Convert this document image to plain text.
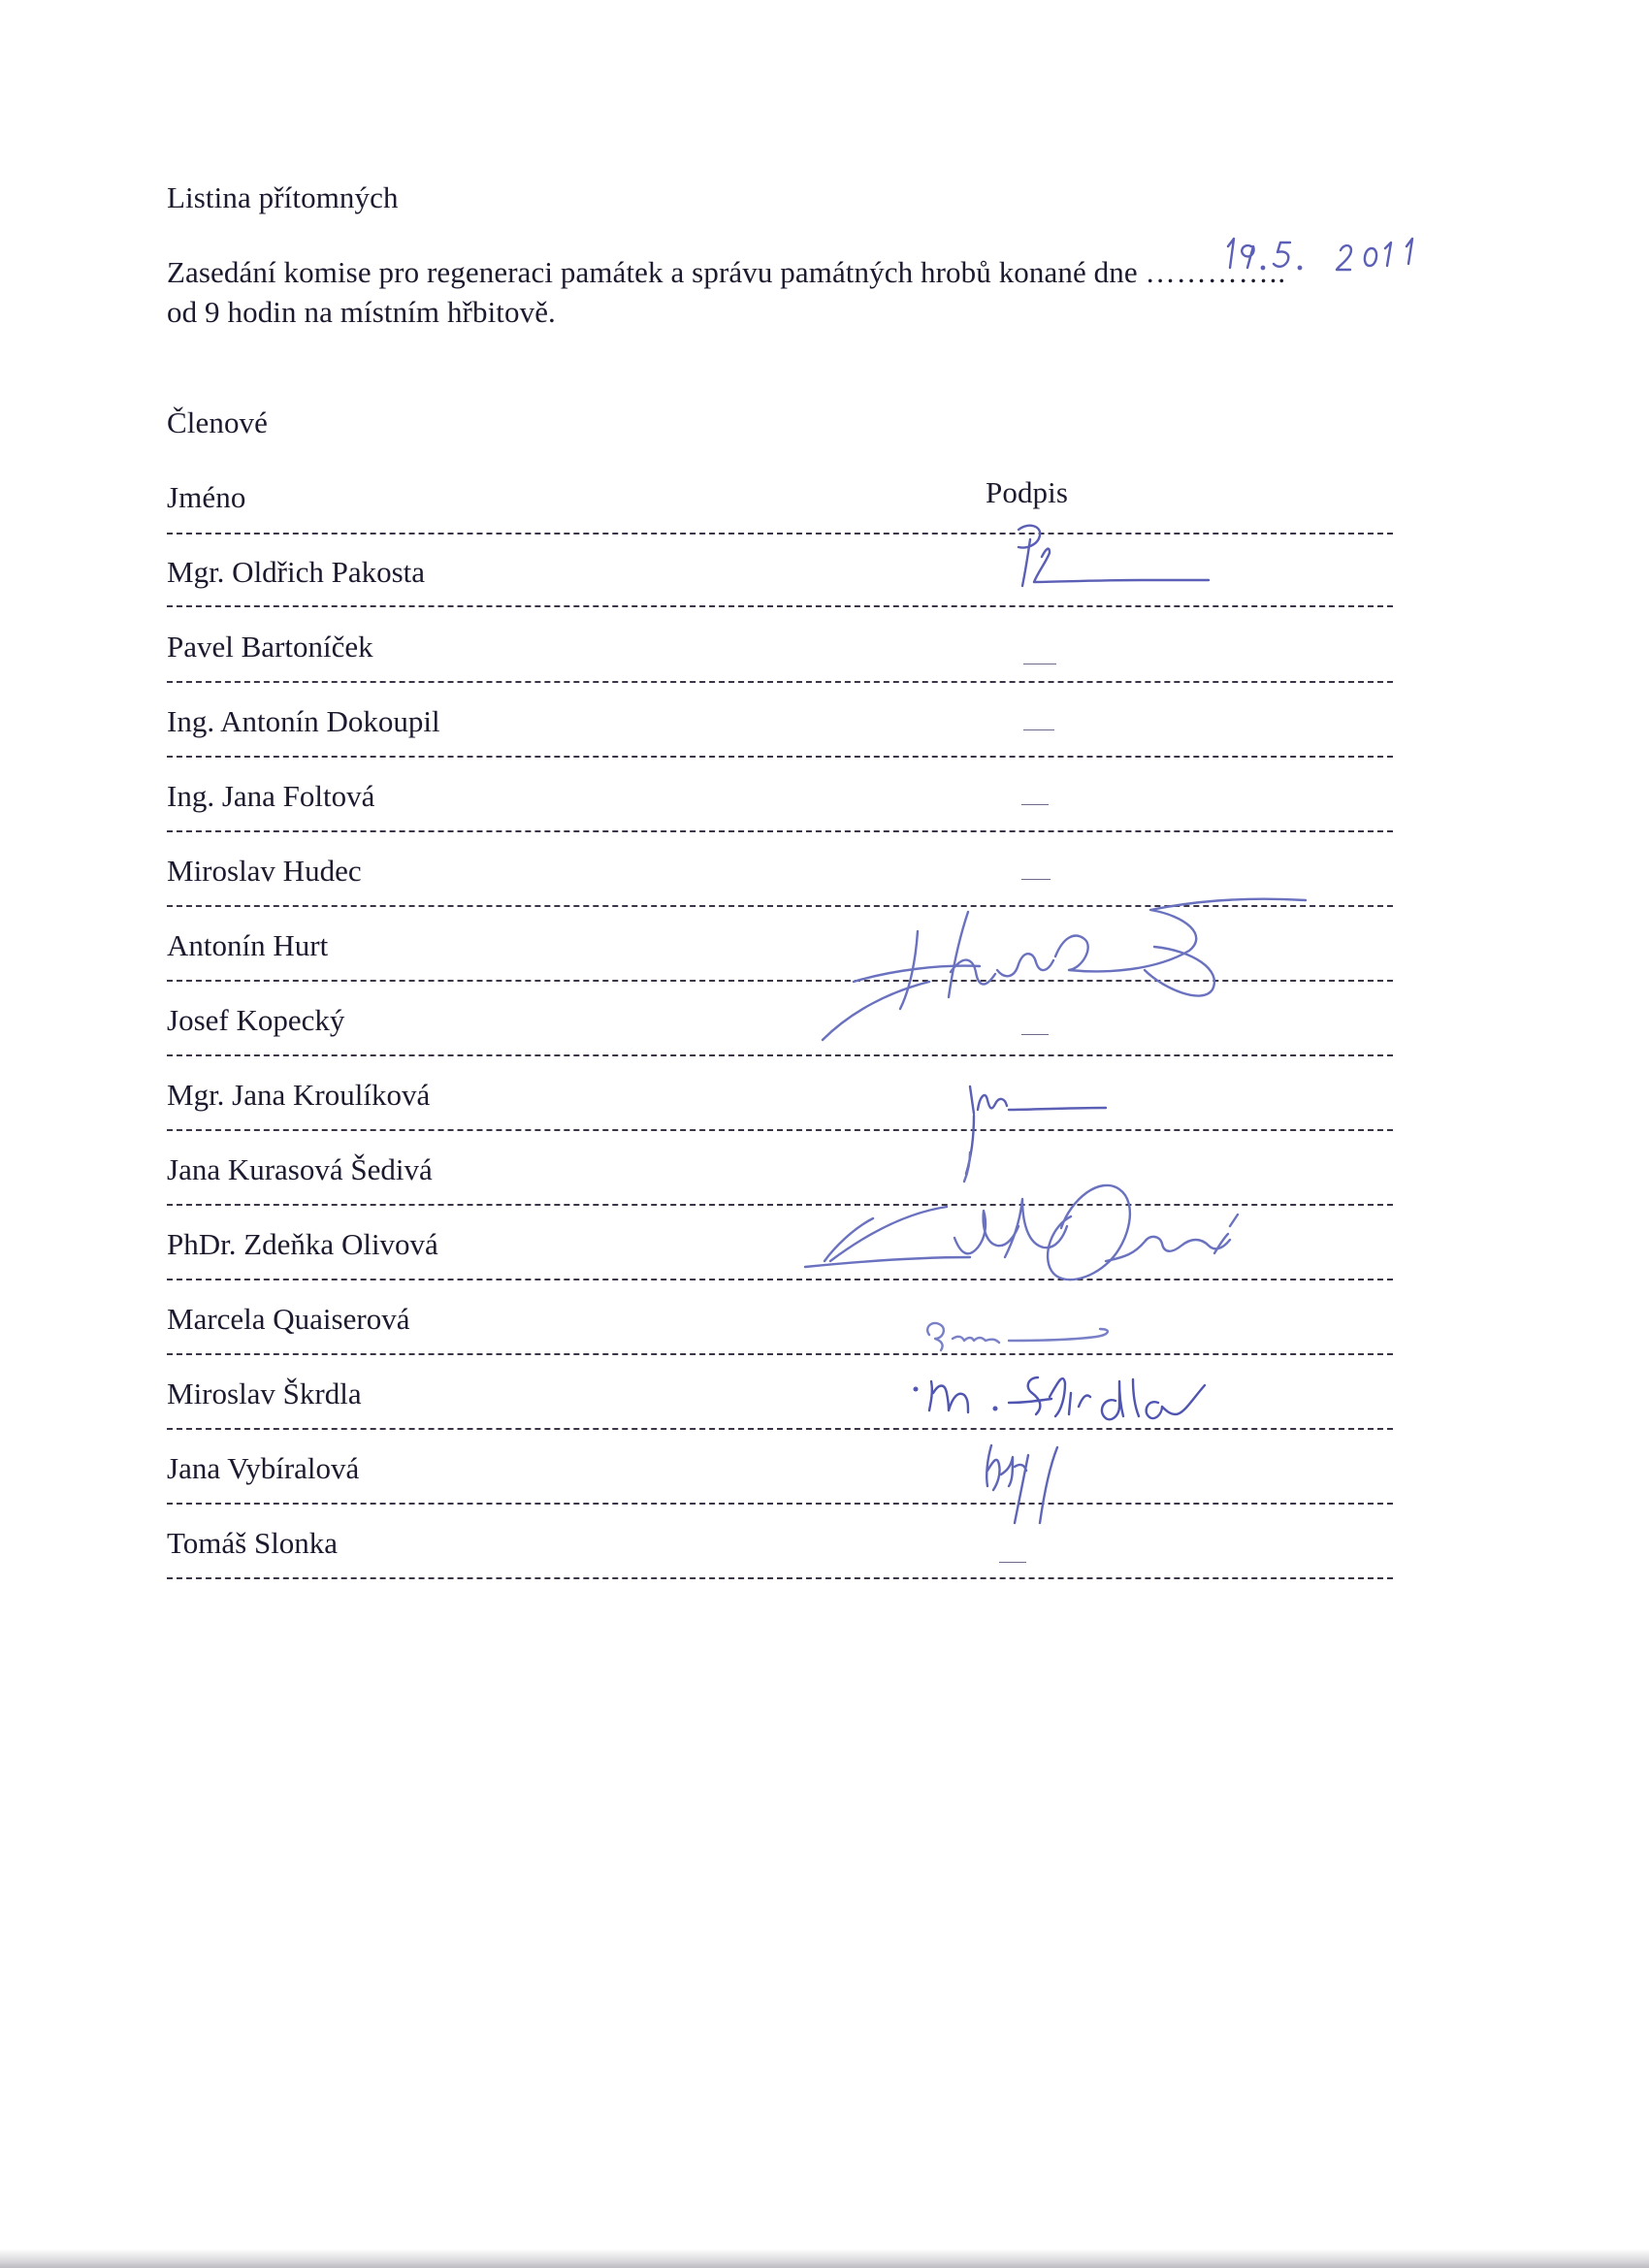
Listina přítomných
Zasedání komise pro regeneraci památek a správu památných hrobů konané dne …………..
od 9 hodin na místním hřbitově.
Členové
Jméno	Podpis
Mgr. Oldřich Pakosta
Pavel Bartoníček
Ing. Antonín Dokoupil
Ing. Jana Foltová
Miroslav Hudec
Antonín Hurt
Josef Kopecký
Mgr. Jana Kroulíková
Jana Kurasová Šedivá
PhDr. Zdeňka Olivová
Marcela Quaiserová
Miroslav Škrdla
Jana Vybíralová
Tomáš Slonka
